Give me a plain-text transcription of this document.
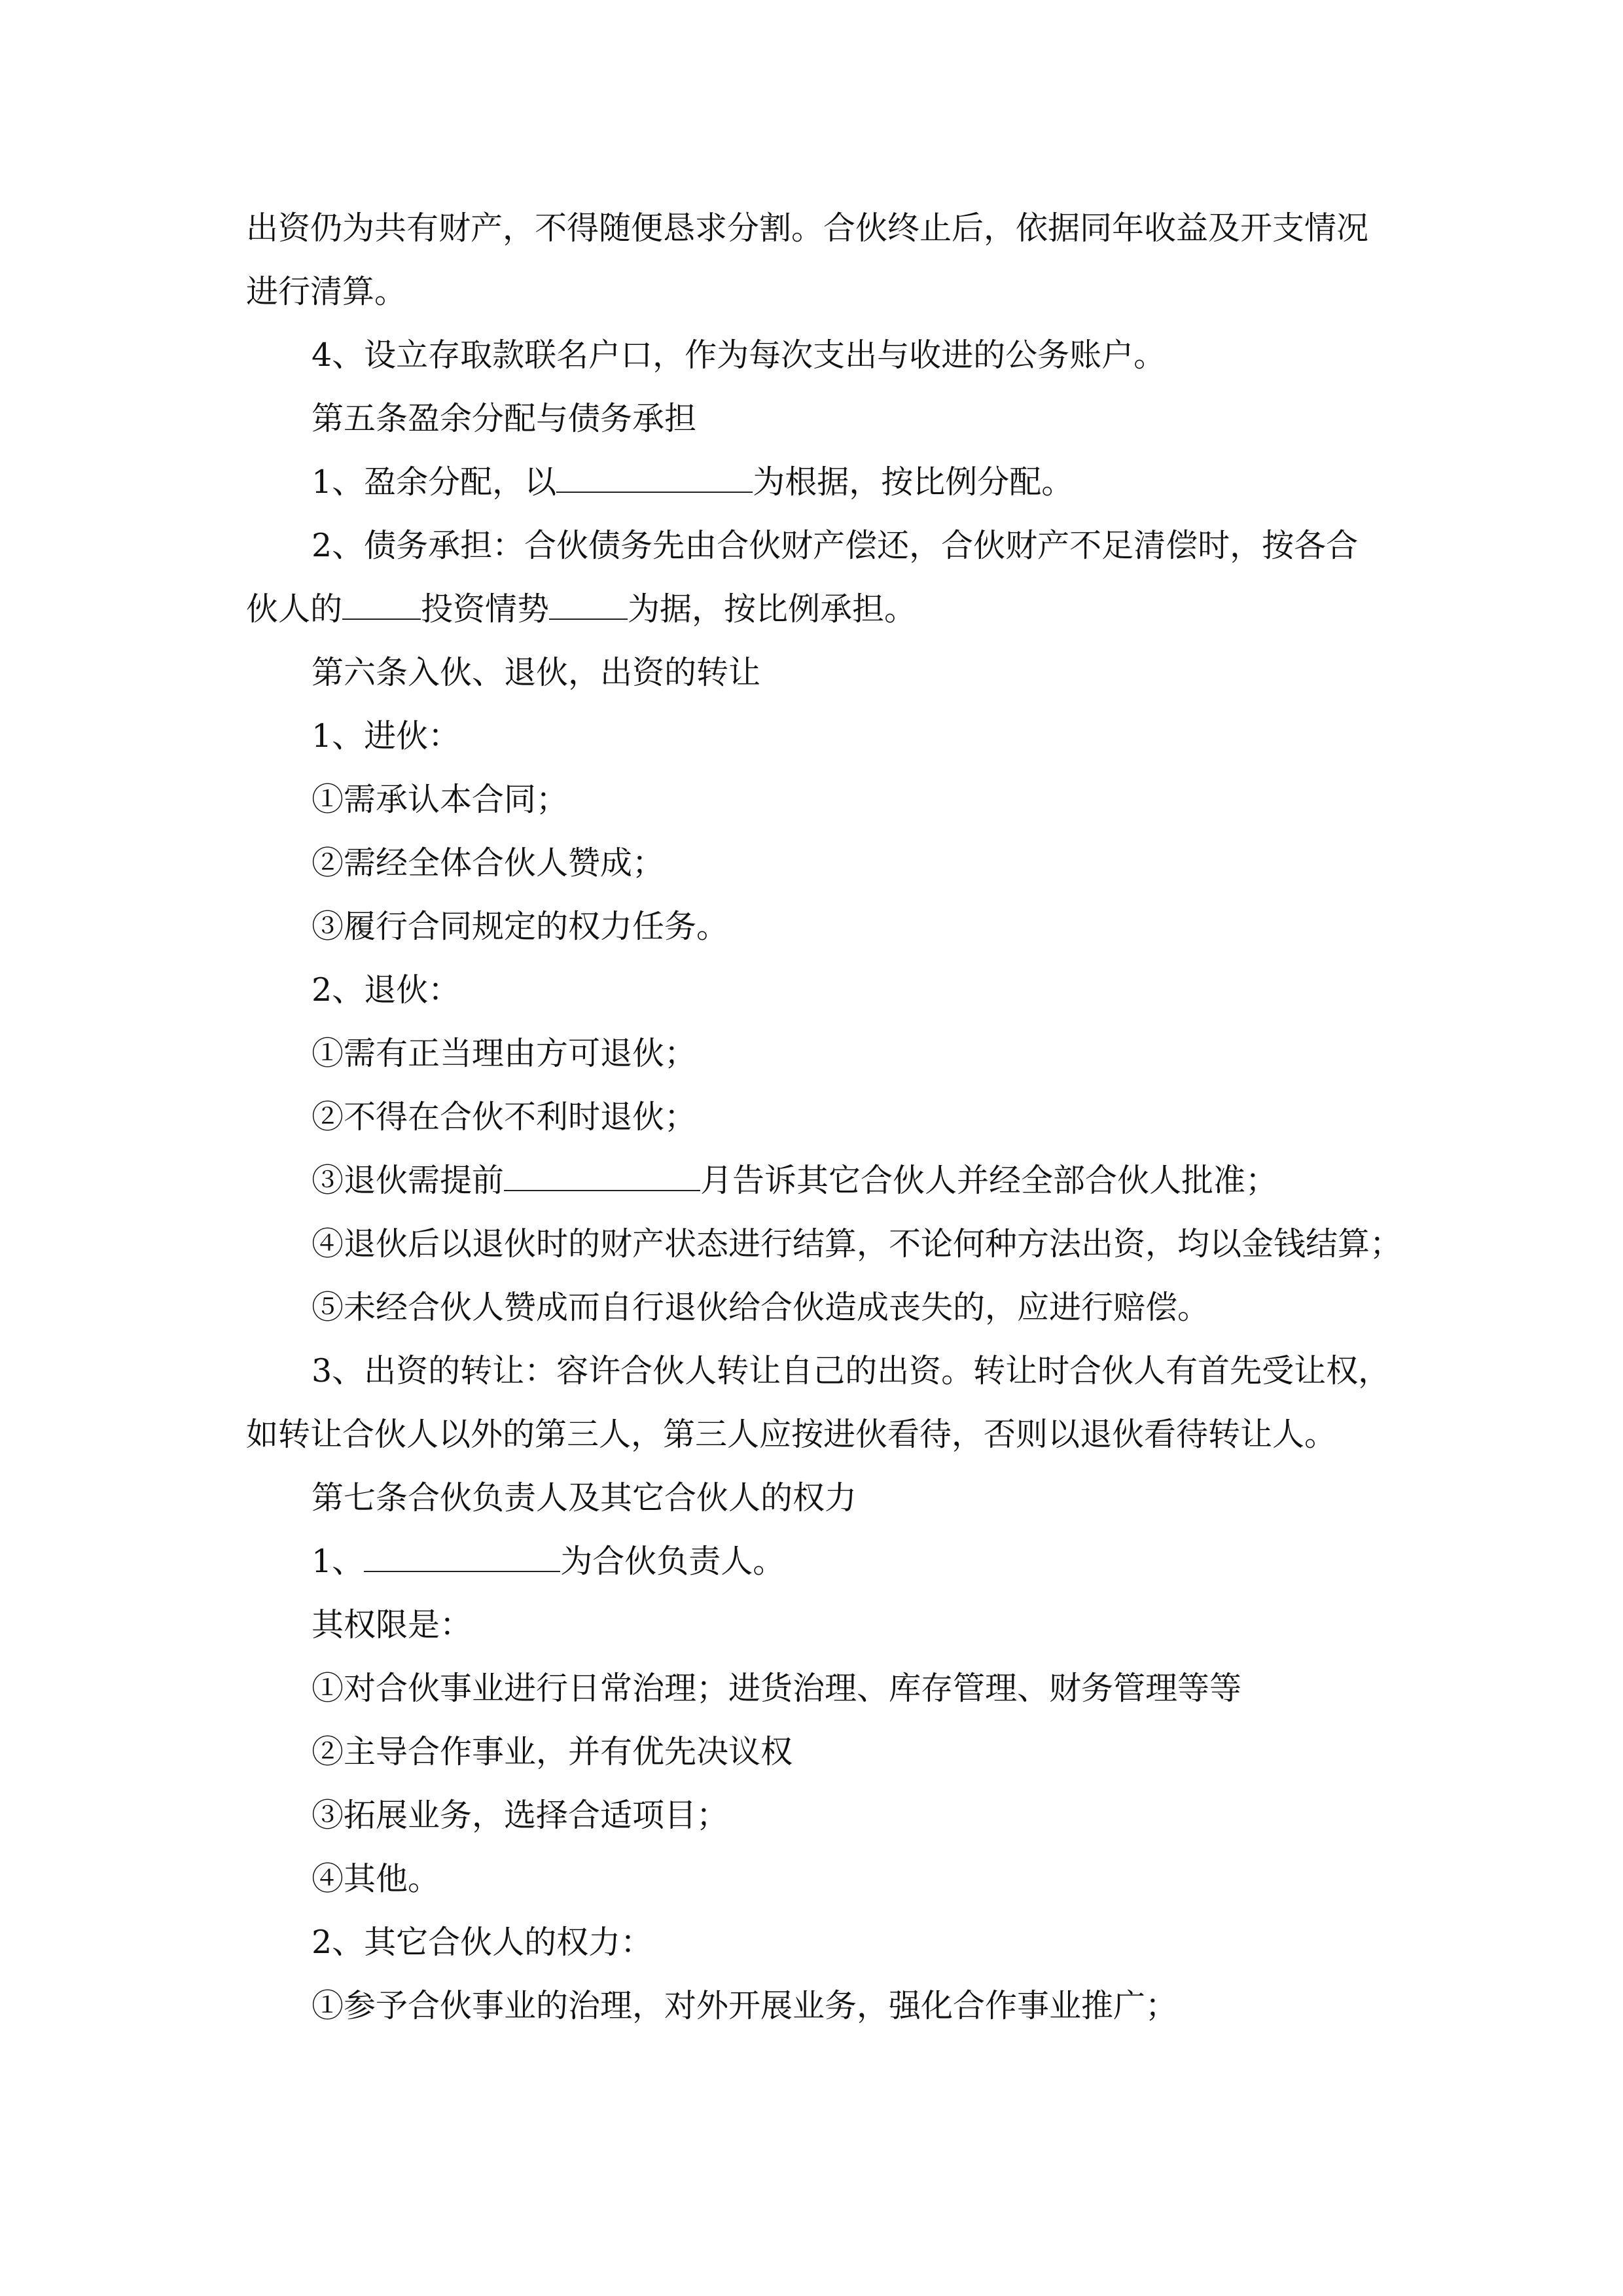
出资仍为共有财产，不得随便恳求分割。合伙终止后，依据同年收益及开支情况
进行清算。
4、设立存取款联名户口，作为每次支出与收进的公务账户。
第五条盈余分配与债务承担
1、盈余分配，以	为根据，按比例分配。
2、债务承担：合伙债务先由合伙财产偿还，合伙财产不足清偿时，按各合
伙人的 投资情势 为据，按比例承担。
第六条入伙、退伙，出资的转让
1、进伙：
①需承认本合同；
②需经全体合伙人赞成；
③履行合同规定的权力任务。
2、退伙：
①需有正当理由方可退伙；
②不得在合伙不利时退伙；
③退伙需提前	月告诉其它合伙人并经全部合伙人批准；
④退伙后以退伙时的财产状态进行结算，不论何种方法出资，均以金钱结算；
⑤未经合伙人赞成而自行退伙给合伙造成丧失的，应进行赔偿。
3、出资的转让：容许合伙人转让自己的出资。转让时合伙人有首先受让权，
如转让合伙人以外的第三人，第三人应按进伙看待，否则以退伙看待转让人。
第七条合伙负责人及其它合伙人的权力
1、	为合伙负责人。
其权限是：
①对合伙事业进行日常治理；进货治理、库存管理、财务管理等等
②主导合作事业，并有优先决议权
③拓展业务，选择合适项目；
④其他。
2、其它合伙人的权力：
①参予合伙事业的治理，对外开展业务，强化合作事业推广；
